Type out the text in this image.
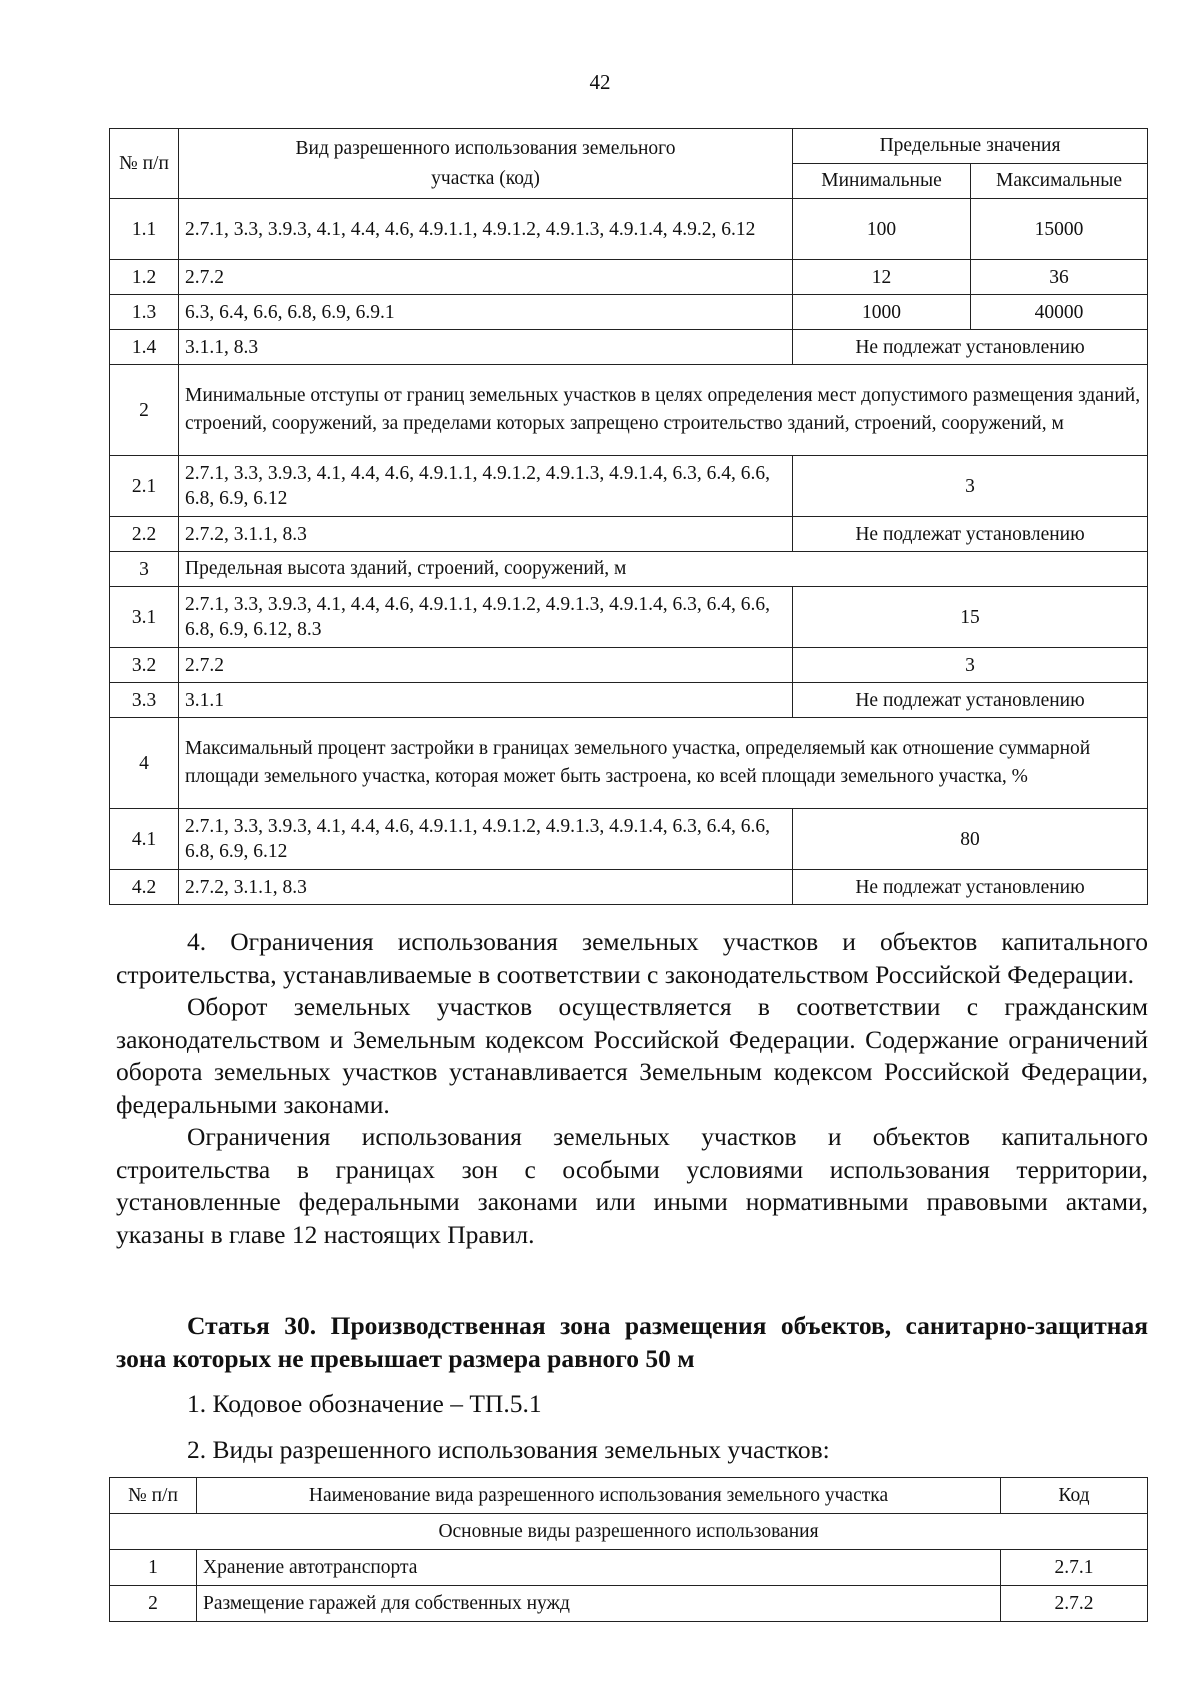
42
№ п/п	Вид разрешенного использования земельного участка (код)	Предельные значения	
		Минимальные	Максимальные
1.1	2.7.1, 3.3, 3.9.3, 4.1, 4.4, 4.6, 4.9.1.1, 4.9.1.2, 4.9.1.3, 4.9.1.4, 4.9.2, 6.12	100	15000
1.2	2.7.2	12	36
1.3	6.3, 6.4, 6.6, 6.8, 6.9, 6.9.1	1000	40000
1.4	3.1.1, 8.3	Не подлежат установлению	
2	Минимальные отступы от границ земельных участков в целях определения мест допустимого размещения зданий, строений, сооружений, за пределами которых запрещено строительство зданий, строений, сооружений, м		
2.1	2.7.1, 3.3, 3.9.3, 4.1, 4.4, 4.6, 4.9.1.1, 4.9.1.2, 4.9.1.3, 4.9.1.4, 6.3, 6.4, 6.6, 6.8, 6.9, 6.12	3	
2.2	2.7.2, 3.1.1, 8.3	Не подлежат установлению	
3	Предельная высота зданий, строений, сооружений, м		
3.1	2.7.1, 3.3, 3.9.3, 4.1, 4.4, 4.6, 4.9.1.1, 4.9.1.2, 4.9.1.3, 4.9.1.4, 6.3, 6.4, 6.6, 6.8, 6.9, 6.12, 8.3	15	
3.2	2.7.2	3	
3.3	3.1.1	Не подлежат установлению	
4	Максимальный процент застройки в границах земельного участка, определяемый как отношение суммарной площади земельного участка, которая может быть застроена, ко всей площади земельного участка, %		
4.1	2.7.1, 3.3, 3.9.3, 4.1, 4.4, 4.6, 4.9.1.1, 4.9.1.2, 4.9.1.3, 4.9.1.4, 6.3, 6.4, 6.6, 6.8, 6.9, 6.12	80	
4.2	2.7.2, 3.1.1, 8.3	Не подлежат установлению	

4. Ограничения использования земельных участков и объектов капитального строительства, устанавливаемые в соответствии с законодательством Российской Федерации.

Оборот земельных участков осуществляется в соответствии с гражданским законодательством и Земельным кодексом Российской Федерации. Содержание ограничений оборота земельных участков устанавливается Земельным кодексом Российской Федерации, федеральными законами.

Ограничения использования земельных участков и объектов капитального строительства в границах зон с особыми условиями использования территории, установленные федеральными законами или иными нормативными правовыми актами, указаны в главе 12 настоящих Правил.

Статья 30. Производственная зона размещения объектов, санитарно-защитная зона которых не превышает размера равного 50 м

1. Кодовое обозначение – ТП.5.1
2. Виды разрешенного использования земельных участков:
№ п/п	Наименование вида разрешенного использования земельного участка	Код
Основные виды разрешенного использования		
1	Хранение автотранспорта	2.7.1
2	Размещение гаражей для собственных нужд	2.7.2
